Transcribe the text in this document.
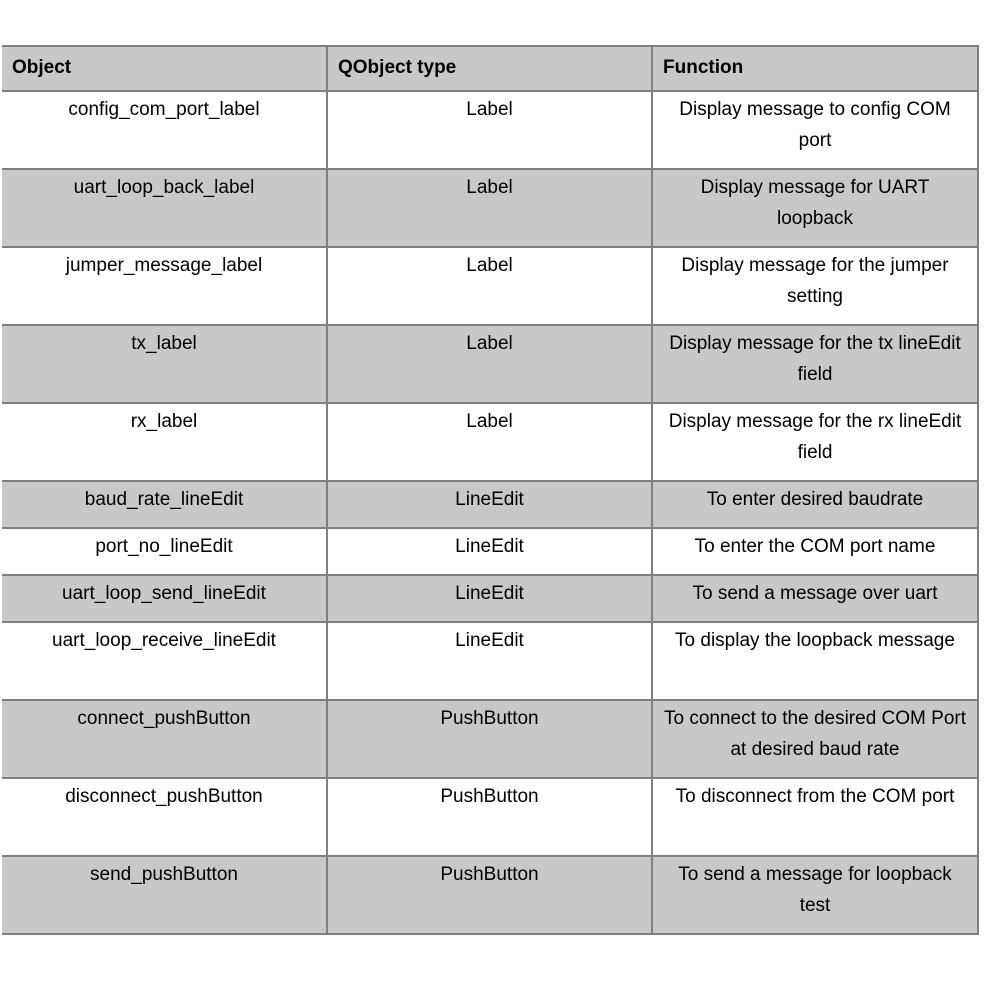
Object	QObject type	Function
config_com_port_label	Label	Display message to config COM port
uart_loop_back_label	Label	Display message for UART loopback
jumper_message_label	Label	Display message for the jumper setting
tx_label	Label	Display message for the tx lineEdit field
rx_label	Label	Display message for the rx lineEdit field
baud_rate_lineEdit	LineEdit	To enter desired baudrate
port_no_lineEdit	LineEdit	To enter the COM port name
uart_loop_send_lineEdit	LineEdit	To send a message over uart
uart_loop_receive_lineEdit	LineEdit	To display the loopback message
connect_pushButton	PushButton	To connect to the desired COM Port at desired baud rate
disconnect_pushButton	PushButton	To disconnect from the COM port
send_pushButton	PushButton	To send a message for loopback test
